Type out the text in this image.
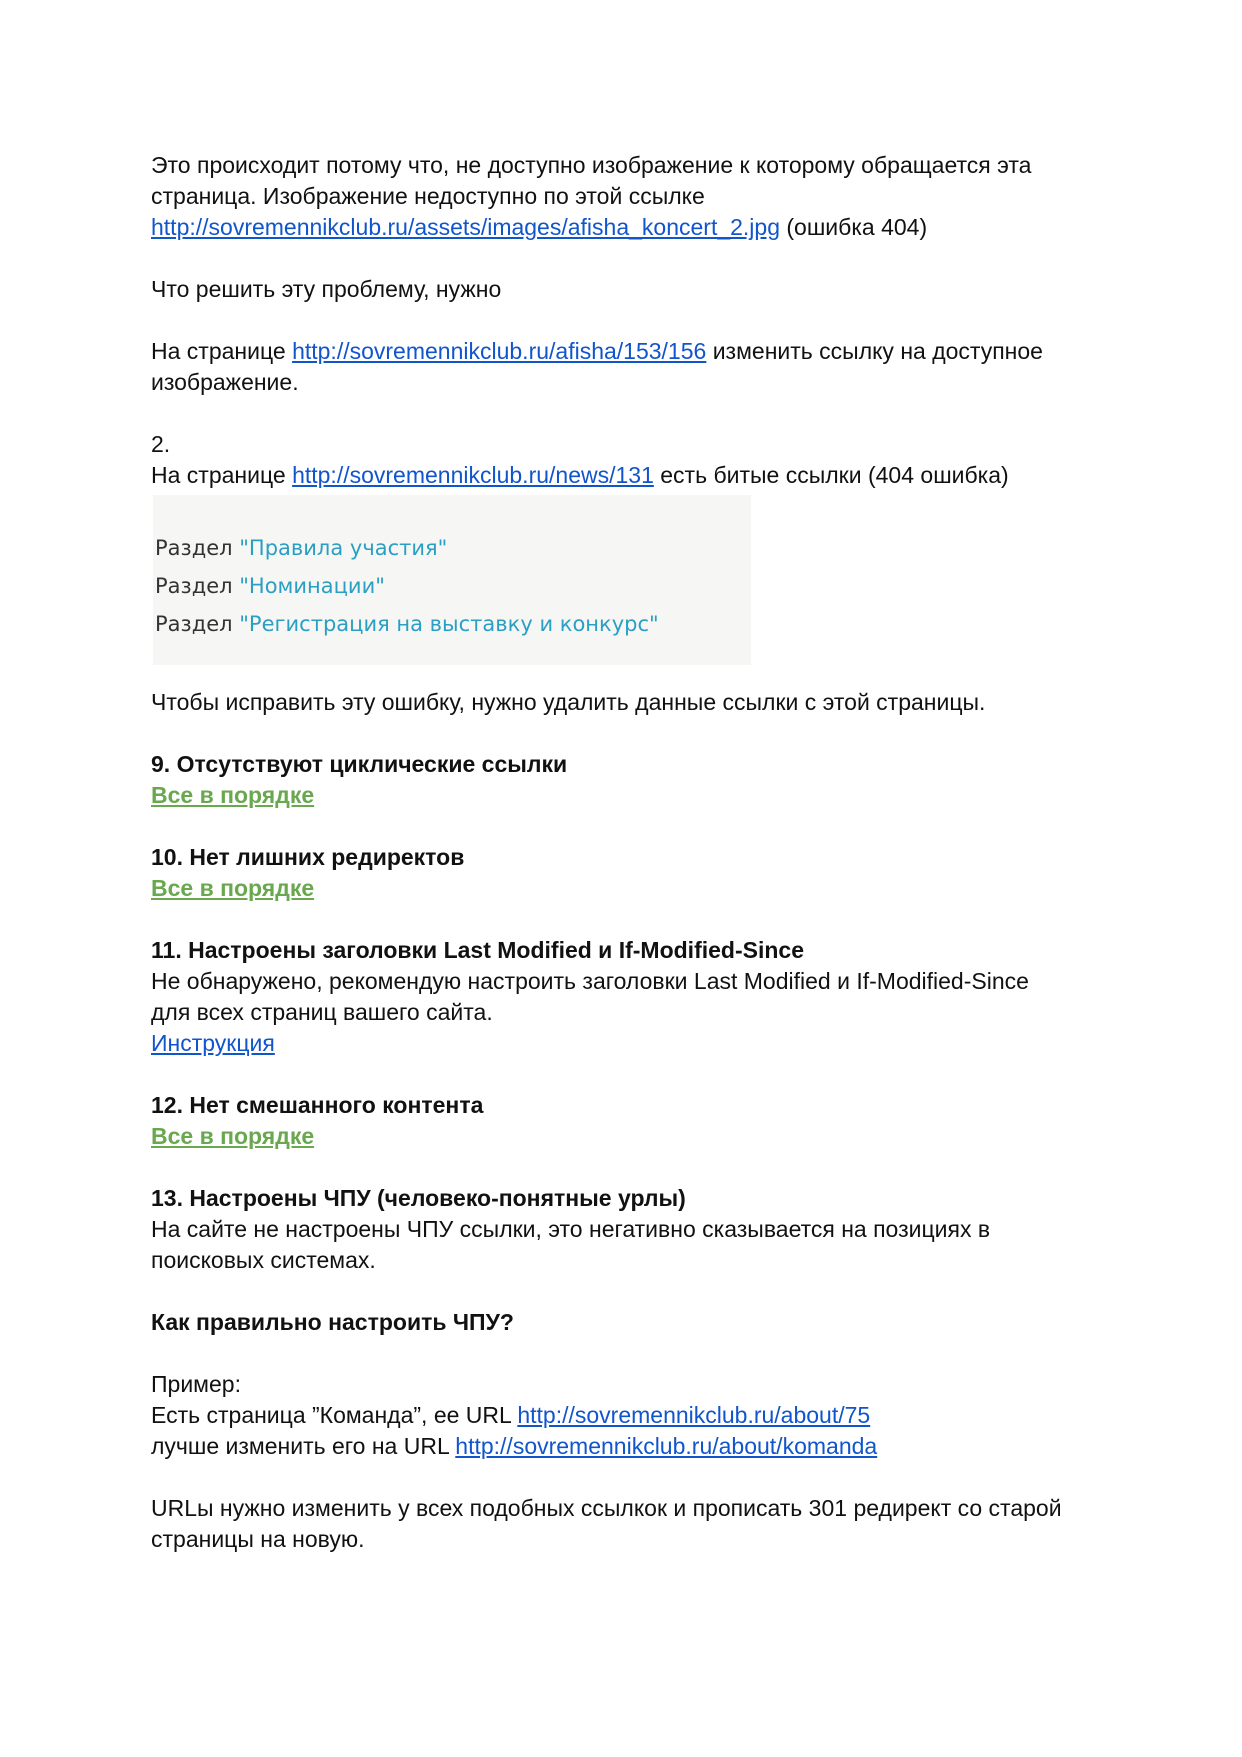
Это происходит потому что, не доступно изображение к которому обращается эта
страница. Изображение недоступно по этой ссылке
http://sovremennikclub.ru/assets/images/afisha_koncert_2.jpg (ошибка 404)

Что решить эту проблему, нужно

На странице http://sovremennikclub.ru/afisha/153/156 изменить ссылку на доступное
изображение.

2.
На странице http://sovremennikclub.ru/news/131 есть битые ссылки (404 ошибка)

Раздел "Правила участия"
Раздел "Номинации"
Раздел "Регистрация на выставку и конкурс"

Чтобы исправить эту ошибку, нужно удалить данные ссылки с этой страницы.

9. Отсутствуют циклические ссылки
Все в порядке

10. Нет лишних редиректов
Все в порядке

11. Настроены заголовки Last Modified и If-Modified-Since
Не обнаружено, рекомендую настроить заголовки Last Modified и If-Modified-Since
для всех страниц вашего сайта.
Инструкция

12. Нет смешанного контента
Все в порядке

13. Настроены ЧПУ (человеко-понятные урлы)
На сайте не настроены ЧПУ ссылки, это негативно сказывается на позициях в
поисковых системах.

Как правильно настроить ЧПУ?

Пример:
Есть страница ”Команда”, ее URL http://sovremennikclub.ru/about/75
лучше изменить его на URL http://sovremennikclub.ru/about/komanda

URLы нужно изменить у всех подобных ссылкок и прописать 301 редирект со старой
страницы на новую.
